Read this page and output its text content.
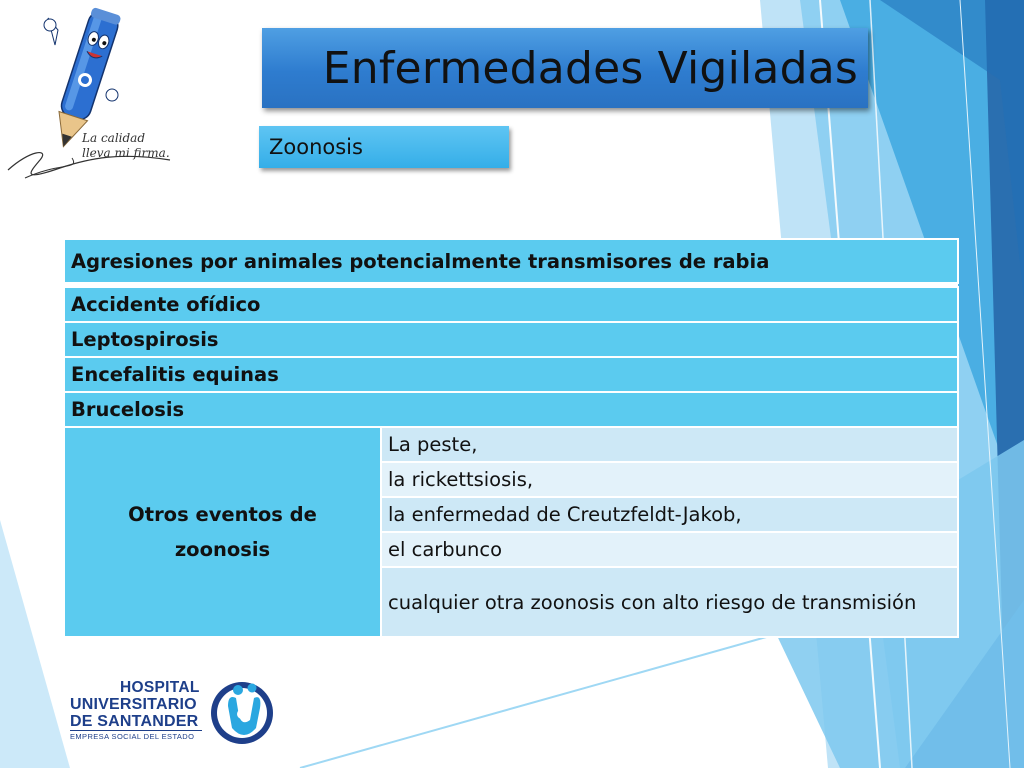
La calidad
lleva mi firma.
Enfermedades Vigiladas
Zoonosis
Agresiones por animales potencialmente transmisores de rabia

Accidente ofídico
Leptospirosis
Encefalitis equinas
Brucelosis

Otros eventos de
zoonosis
	La peste,
la rickettsiosis,
la enfermedad de Creutzfeldt-Jakob,
el carbunco
cualquier otra zoonosis con alto riesgo de transmisión
HOSPITAL
UNIVERSITARIO
DE SANTANDER
EMPRESA SOCIAL DEL ESTADO
